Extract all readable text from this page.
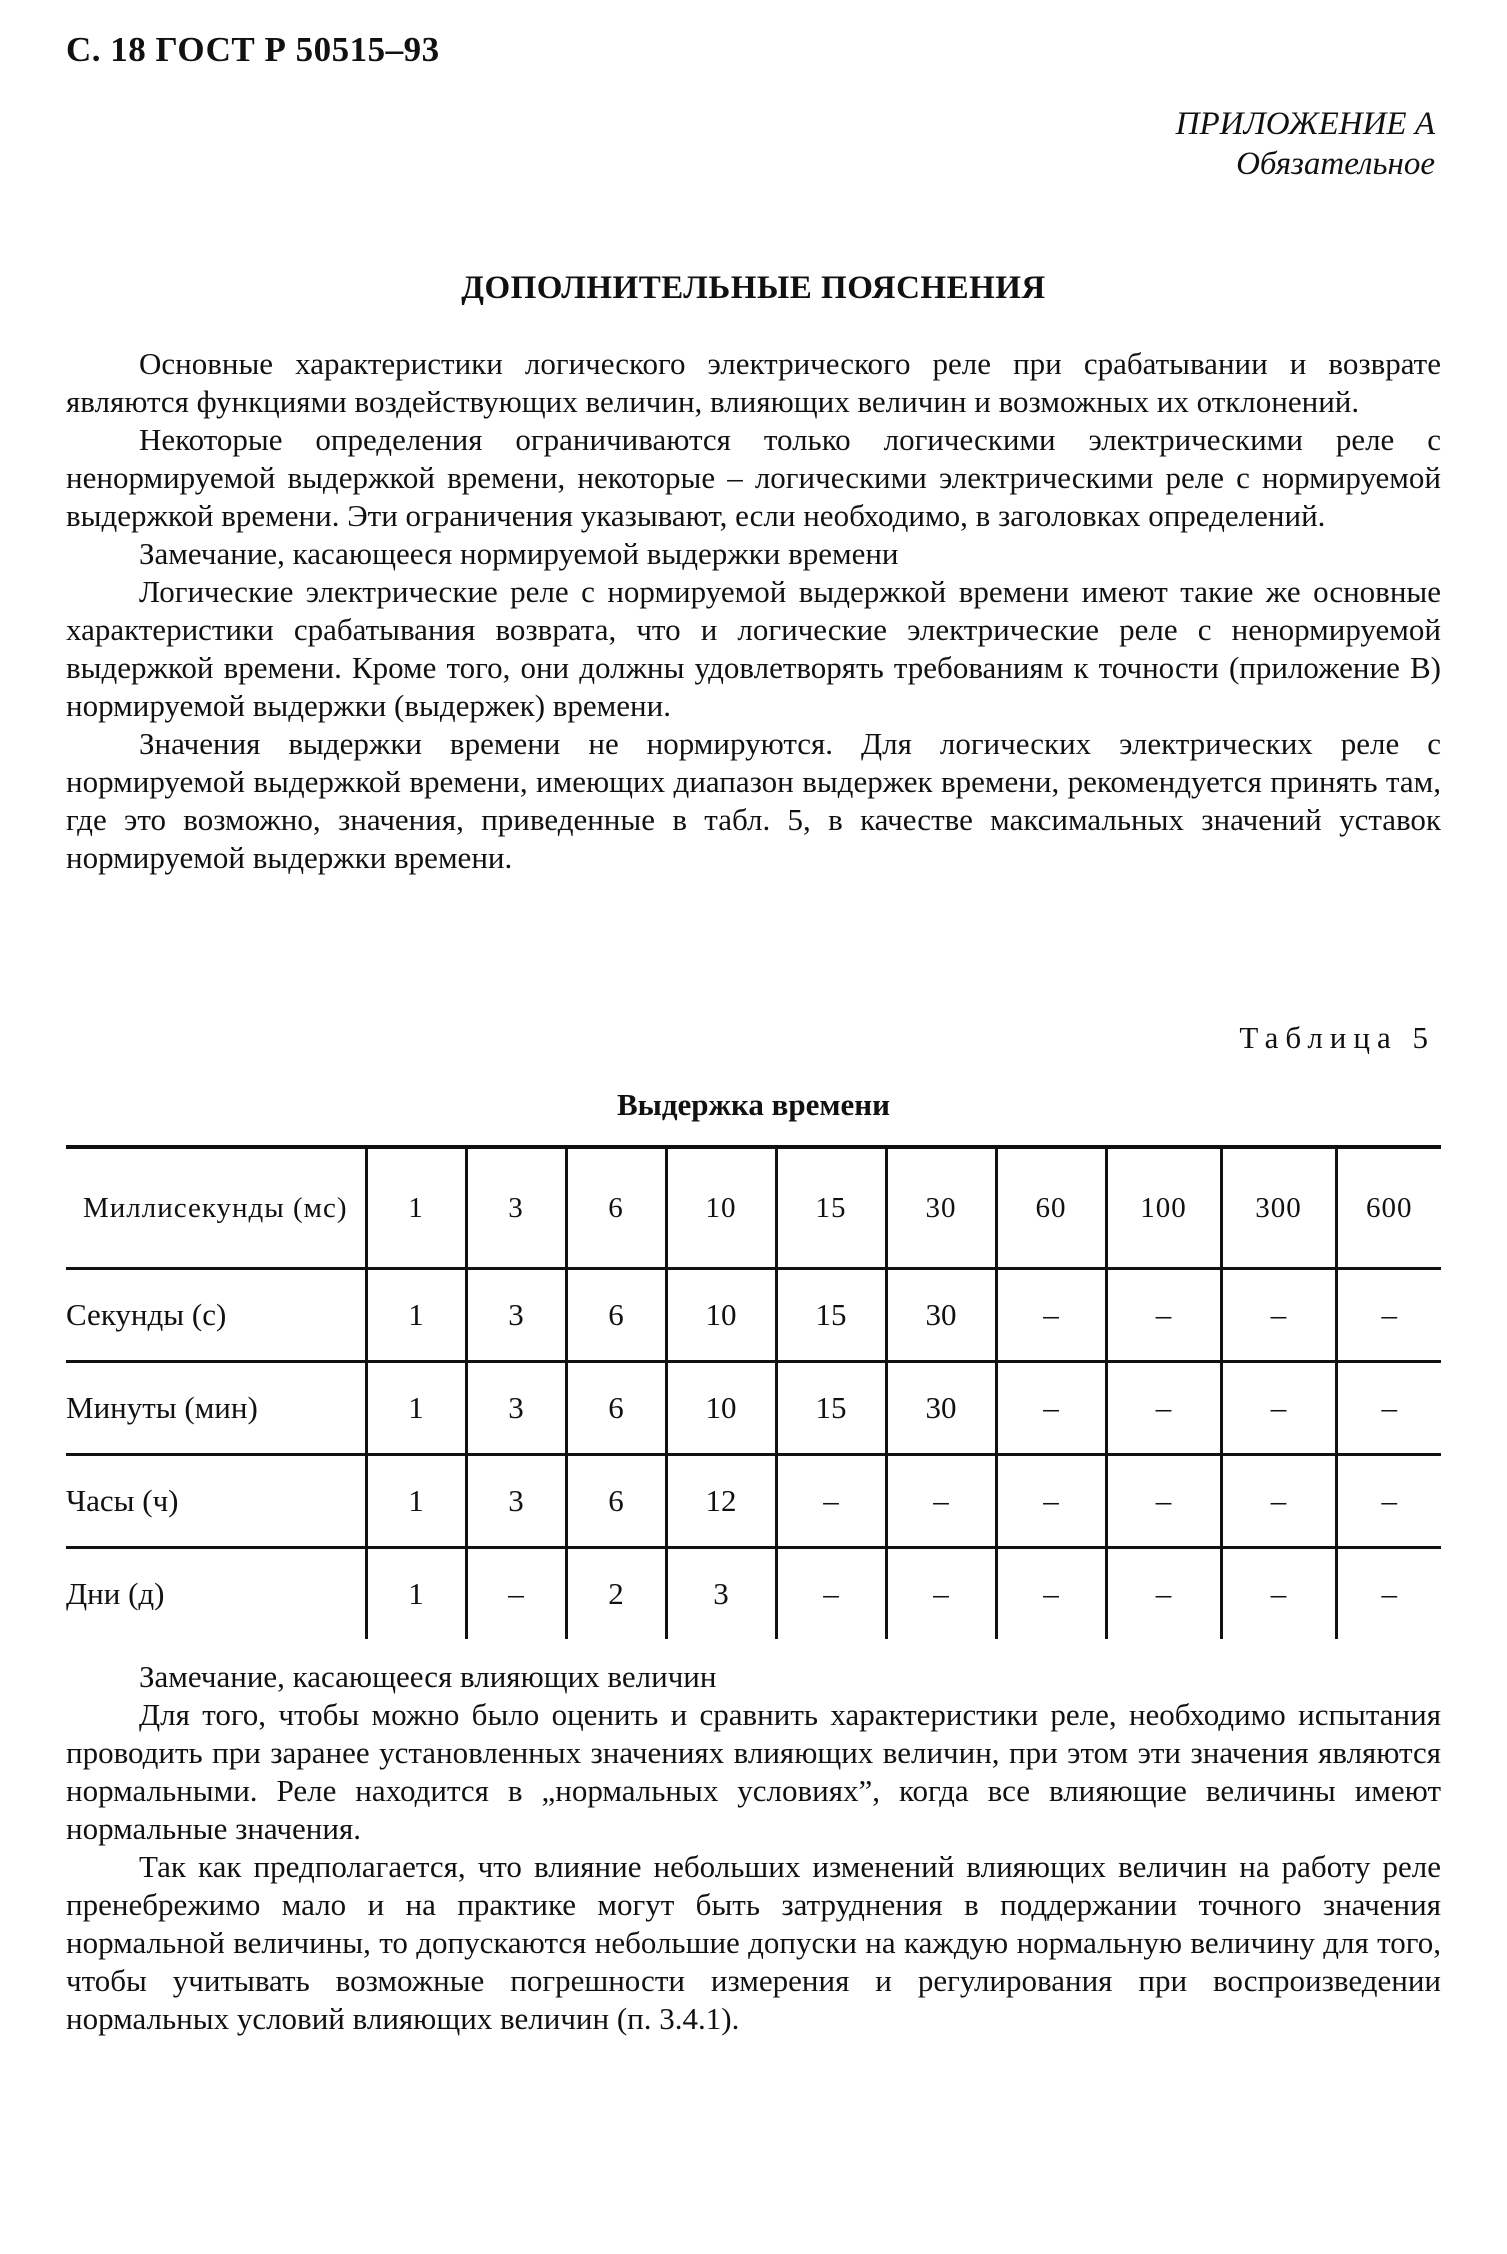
С. 18 ГОСТ Р 50515–93
ПРИЛОЖЕНИЕ А
Обязательное
ДОПОЛНИТЕЛЬНЫЕ ПОЯСНЕНИЯ

Основные характеристики логического электрического реле при срабатывании и возврате являются функциями воздействующих величин, влияющих величин и возможных их отклонений.

Некоторые определения ограничиваются только логическими электрическими реле с ненормируемой выдержкой времени, некоторые – логическими электрическими реле с нормируемой выдержкой времени. Эти ограничения указывают, если необходимо, в заголовках определений.

Замечание, касающееся нормируемой выдержки времени

Логические электрические реле с нормируемой выдержкой времени имеют такие же основные характеристики срабатывания возврата, что и логические электрические реле с ненормируемой выдержкой времени. Кроме того, они должны удовлетворять требованиям к точности (приложение В) нормируемой выдержки (выдержек) времени.

Значения выдержки времени не нормируются. Для логических электрических реле с нормируемой выдержкой времени, имеющих диапазон выдержек времени, рекомендуется принять там, где это возможно, значения, приведенные в табл. 5, в качестве максимальных значений уставок нормируемой выдержки времени.

Таблица 5
Выдержка времени
Миллисекунды (мс)	1	3	6	10	15	30	60	100	300	600
Секунды (с)	1	3	6	10	15	30	–	–	–	–
Минуты (мин)	1	3	6	10	15	30	–	–	–	–
Часы (ч)	1	3	6	12	–	–	–	–	–	–
Дни (д)	1	–	2	3	–	–	–	–	–	–

Замечание, касающееся влияющих величин

Для того, чтобы можно было оценить и сравнить характеристики реле, необходимо испытания проводить при заранее установленных значениях влияющих величин, при этом эти значения являются нормальными. Реле находится в „нормальных условиях”, когда все влияющие величины имеют нормальные значения.

Так как предполагается, что влияние небольших изменений влияющих величин на работу реле пренебрежимо мало и на практике могут быть затруднения в поддержании точного значения нормальной величины, то допускаются небольшие допуски на каждую нормальную величину для того, чтобы учитывать возможные погрешности измерения и регулирования при воспроизведении нормальных условий влияющих величин (п. 3.4.1).
